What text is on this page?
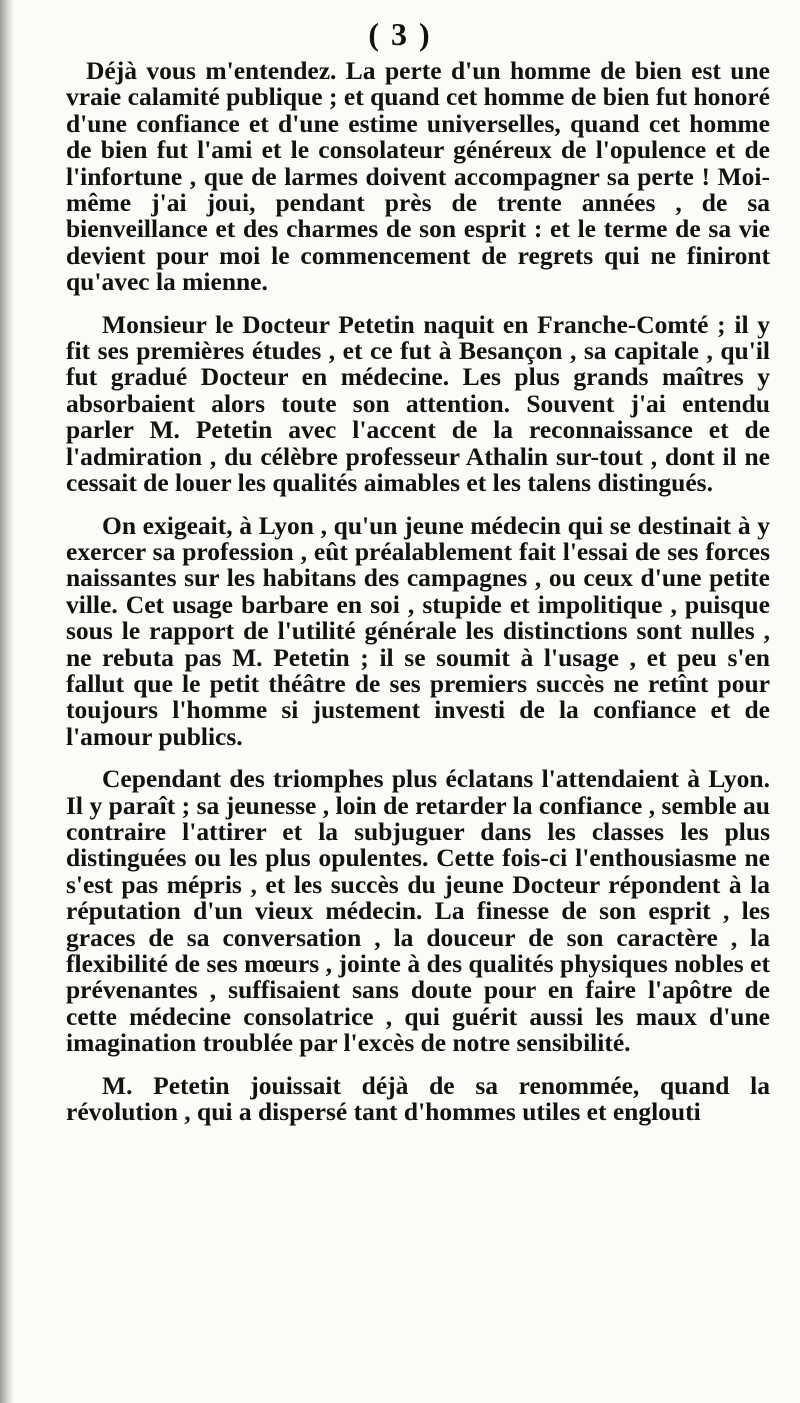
( 3 )

Déjà vous m'entendez. La perte d'un homme de bien est une vraie calamité publique ; et quand cet homme de bien fut honoré d'une confiance et d'une estime universelles, quand cet homme de bien fut l'ami et le consolateur généreux de l'opulence et de l'infortune , que de larmes doivent accompagner sa perte ! Moi-même j'ai joui, pendant près de trente années , de sa bienveillance et des charmes de son esprit : et le terme de sa vie devient pour moi le commencement de regrets qui ne finiront qu'avec la mienne.

Monsieur le Docteur Petetin naquit en Franche-Comté ; il y fit ses premières études , et ce fut à Besançon , sa capitale , qu'il fut gradué Docteur en médecine. Les plus grands maîtres y absorbaient alors toute son attention. Souvent j'ai entendu parler M. Petetin avec l'accent de la reconnaissance et de l'admiration , du célèbre professeur Athalin sur-tout , dont il ne cessait de louer les qualités aimables et les talens distingués.

On exigeait, à Lyon , qu'un jeune médecin qui se destinait à y exercer sa profession , eût préalablement fait l'essai de ses forces naissantes sur les habitans des campagnes , ou ceux d'une petite ville. Cet usage barbare en soi , stupide et impolitique , puisque sous le rapport de l'utilité générale les distinctions sont nulles , ne rebuta pas M. Petetin ; il se soumit à l'usage , et peu s'en fallut que le petit théâtre de ses premiers succès ne retînt pour toujours l'homme si justement investi de la confiance et de l'amour publics.

Cependant des triomphes plus éclatans l'attendaient à Lyon. Il y paraît ; sa jeunesse , loin de retarder la confiance , semble au contraire l'attirer et la subjuguer dans les classes les plus distinguées ou les plus opulentes. Cette fois-ci l'enthousiasme ne s'est pas mépris , et les succès du jeune Docteur répondent à la réputation d'un vieux médecin. La finesse de son esprit , les graces de sa conversation , la douceur de son caractère , la flexibilité de ses mœurs , jointe à des qualités physiques nobles et prévenantes , suffisaient sans doute pour en faire l'apôtre de cette médecine consolatrice , qui guérit aussi les maux d'une imagination troublée par l'excès de notre sensibilité.

M. Petetin jouissait déjà de sa renommée, quand la révolution , qui a dispersé tant d'hommes utiles et englouti
